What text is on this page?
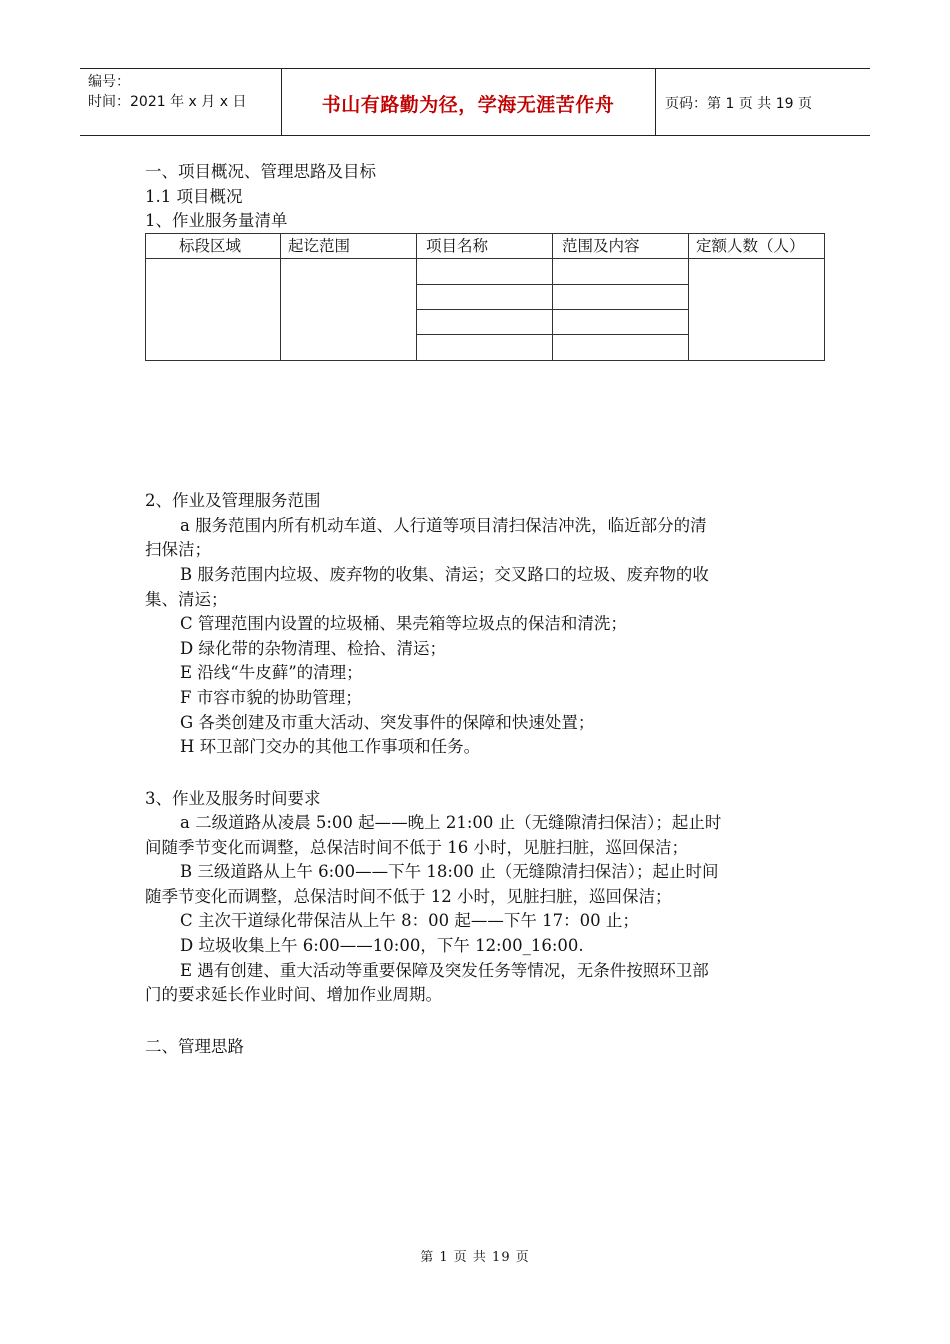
编号：
时间：2021 年 x 月 x 日	书山有路勤为径，学海无涯苦作舟	页码：第 1 页 共 19 页
一、项目概况、管理思路及目标
1.1 项目概况
1、作业服务量清单
标段区域	起讫范围	项目名称	范围及内容	定额人数（人）
2、作业及管理服务范围
a 服务范围内所有机动车道、人行道等项目清扫保洁冲洗，临近部分的清
扫保洁；
B 服务范围内垃圾、废弃物的收集、清运；交叉路口的垃圾、废弃物的收
集、清运；
C 管理范围内设置的垃圾桶、果壳箱等垃圾点的保洁和清洗；
D 绿化带的杂物清理、检拾、清运；
E 沿线“牛皮藓”的清理；
F 市容市貌的协助管理；
G 各类创建及市重大活动、突发事件的保障和快速处置；
H 环卫部门交办的其他工作事项和任务。
3、作业及服务时间要求
a 二级道路从凌晨 5:00 起——晚上 21:00 止（无缝隙清扫保洁）；起止时
间随季节变化而调整，总保洁时间不低于 16 小时，见脏扫脏，巡回保洁；
B 三级道路从上午 6:00——下午 18:00 止（无缝隙清扫保洁）；起止时间
随季节变化而调整，总保洁时间不低于 12 小时，见脏扫脏，巡回保洁；
C 主次干道绿化带保洁从上午 8：00 起——下午 17：00 止；
D 垃圾收集上午 6:00——10:00，下午 12:00_16:00.
E 遇有创建、重大活动等重要保障及突发任务等情况，无条件按照环卫部
门的要求延长作业时间、增加作业周期。
二、管理思路
第 1 页 共 19 页
